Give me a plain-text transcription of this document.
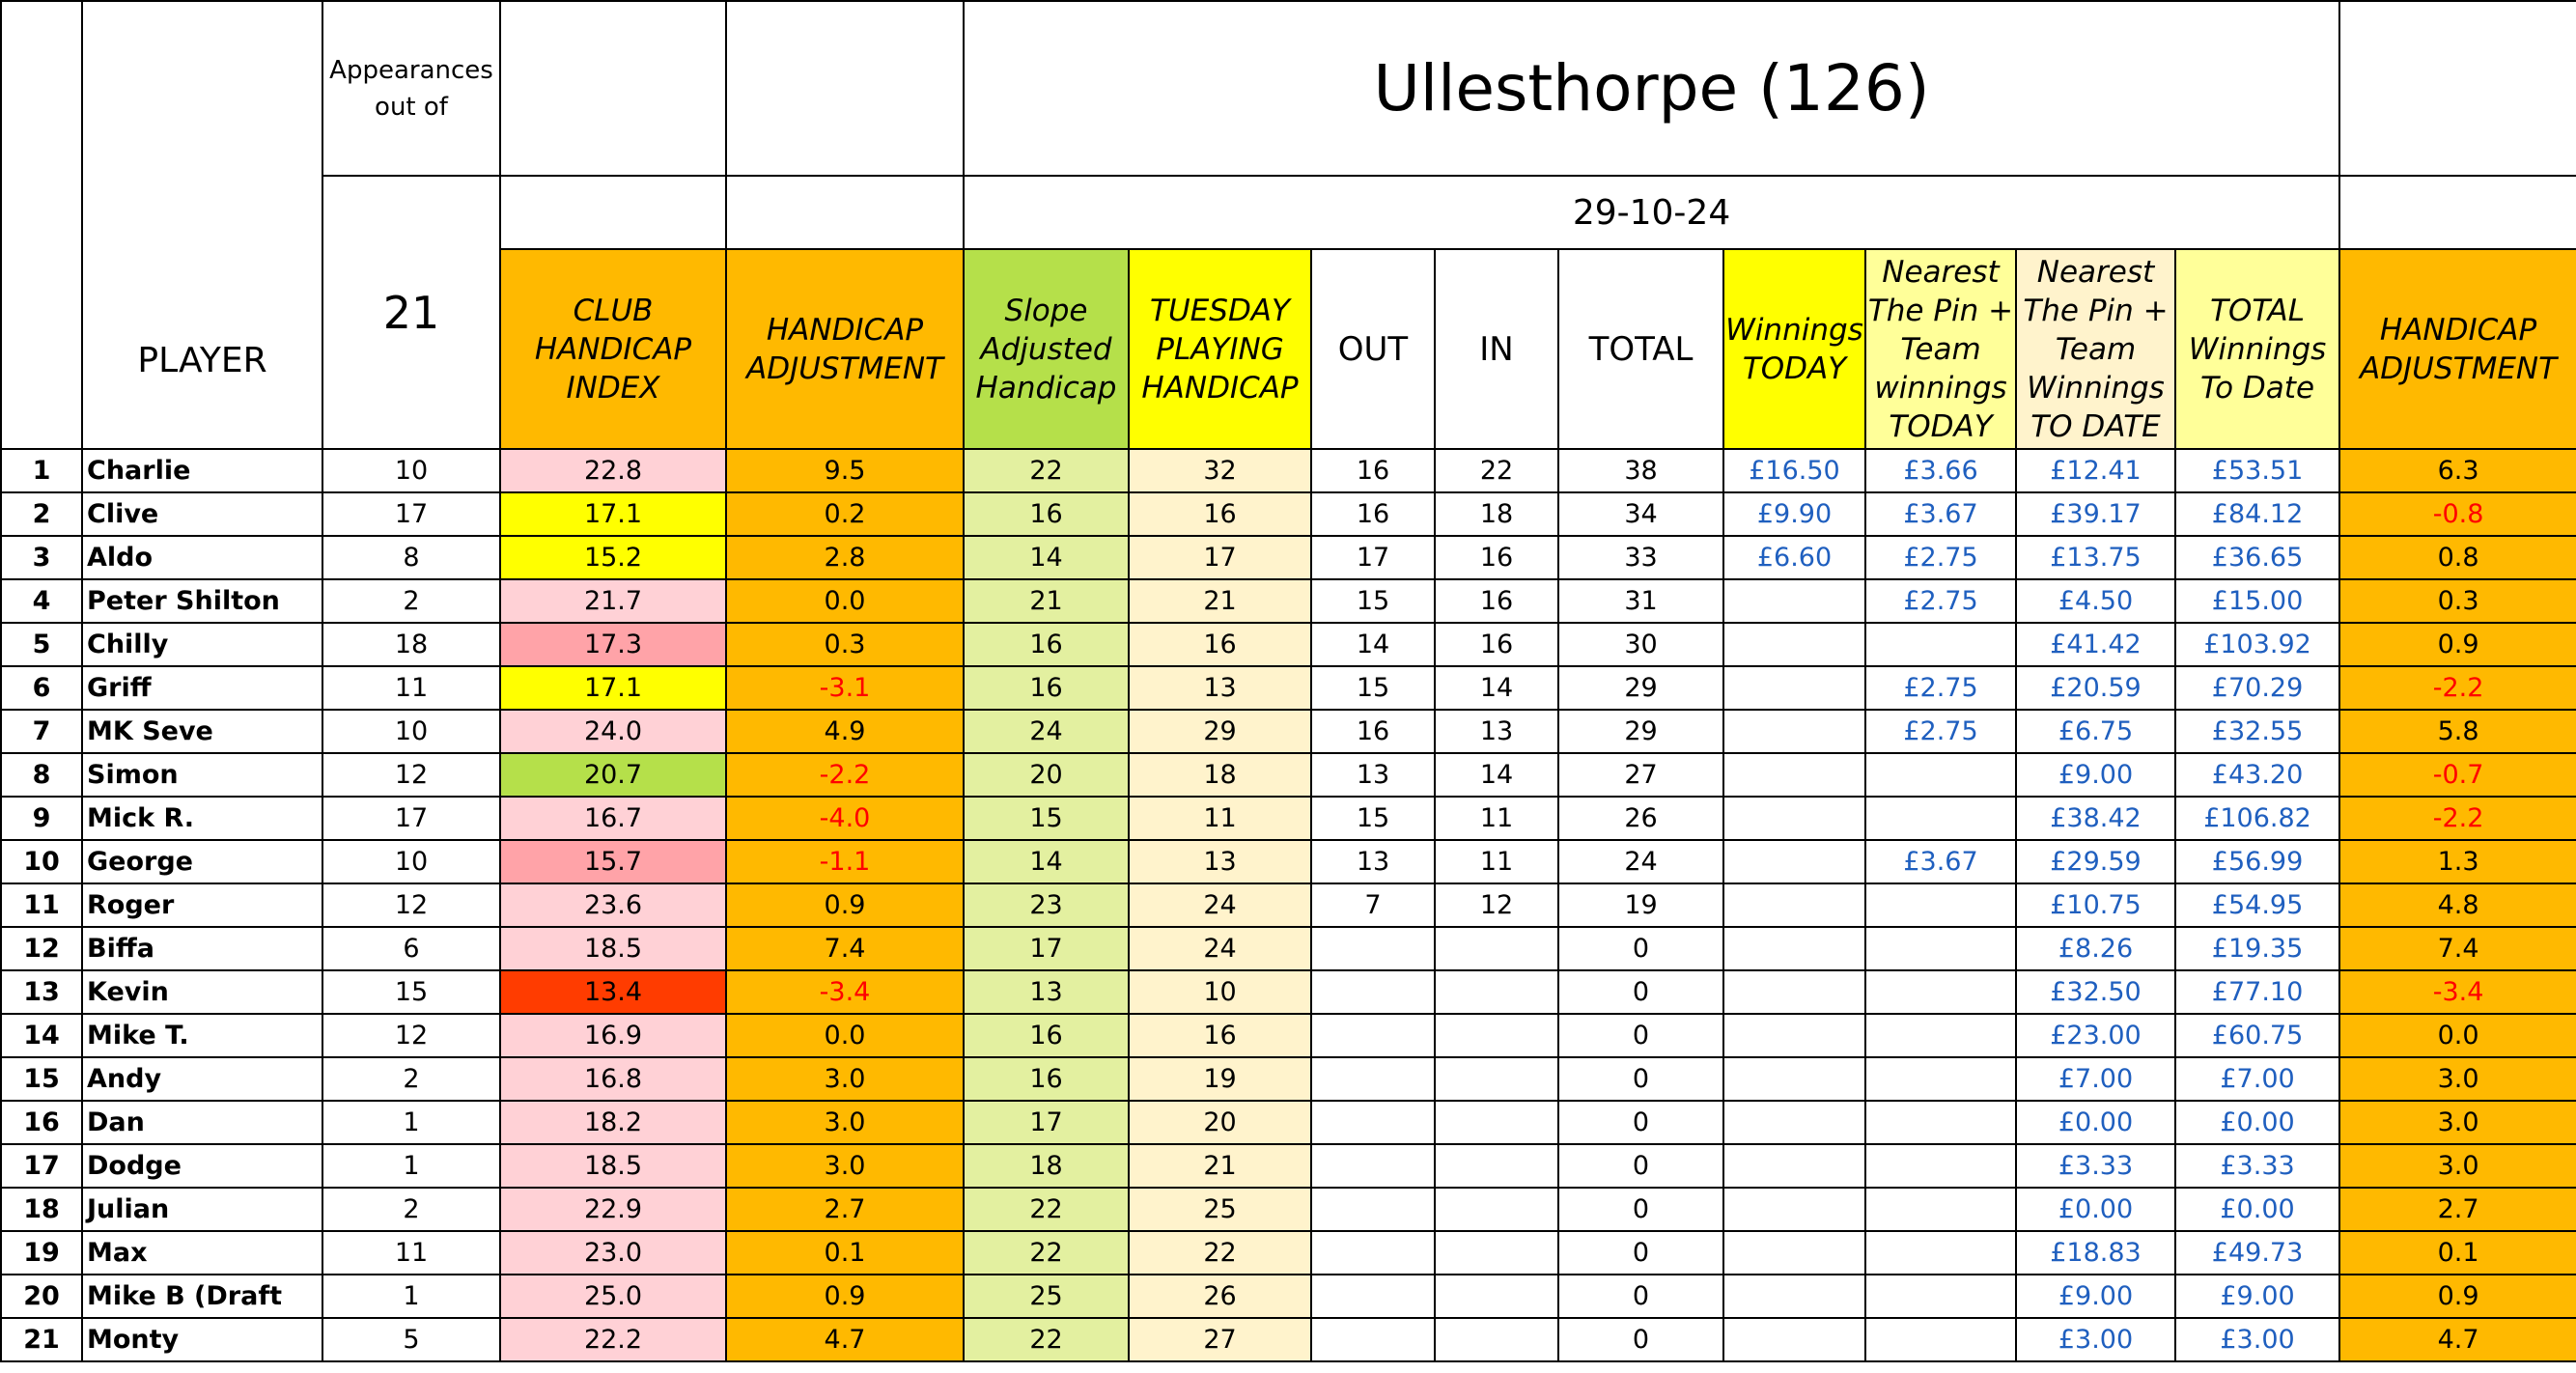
	PLAYER	Appearances out of			Ullesthorpe (126)									
		21			29-10-24									
			CLUB HANDICAP INDEX	HANDICAP ADJUSTMENT	Slope Adjusted Handicap	TUESDAY PLAYING HANDICAP	OUT	IN	TOTAL	Winnings TODAY	Nearest The Pin + Team winnings TODAY	Nearest The Pin + Team Winnings TO DATE	TOTAL Winnings To Date	HANDICAP ADJUSTMENT
1	Charlie	10	22.8	9.5	22	32	16	22	38	£16.50	£3.66	£12.41	£53.51	6.3
2	Clive	17	17.1	0.2	16	16	16	18	34	£9.90	£3.67	£39.17	£84.12	-0.8
3	Aldo	8	15.2	2.8	14	17	17	16	33	£6.60	£2.75	£13.75	£36.65	0.8
4	Peter Shilton	2	21.7	0.0	21	21	15	16	31		£2.75	£4.50	£15.00	0.3
5	Chilly	18	17.3	0.3	16	16	14	16	30			£41.42	£103.92	0.9
6	Griff	11	17.1	-3.1	16	13	15	14	29		£2.75	£20.59	£70.29	-2.2
7	MK Seve	10	24.0	4.9	24	29	16	13	29		£2.75	£6.75	£32.55	5.8
8	Simon	12	20.7	-2.2	20	18	13	14	27			£9.00	£43.20	-0.7
9	Mick R.	17	16.7	-4.0	15	11	15	11	26			£38.42	£106.82	-2.2
10	George	10	15.7	-1.1	14	13	13	11	24		£3.67	£29.59	£56.99	1.3
11	Roger	12	23.6	0.9	23	24	7	12	19			£10.75	£54.95	4.8
12	Biffa	6	18.5	7.4	17	24			0			£8.26	£19.35	7.4
13	Kevin	15	13.4	-3.4	13	10			0			£32.50	£77.10	-3.4
14	Mike T.	12	16.9	0.0	16	16			0			£23.00	£60.75	0.0
15	Andy	2	16.8	3.0	16	19			0			£7.00	£7.00	3.0
16	Dan	1	18.2	3.0	17	20			0			£0.00	£0.00	3.0
17	Dodge	1	18.5	3.0	18	21			0			£3.33	£3.33	3.0
18	Julian	2	22.9	2.7	22	25			0			£0.00	£0.00	2.7
19	Max	11	23.0	0.1	22	22			0			£18.83	£49.73	0.1
20	Mike B (Draft	1	25.0	0.9	25	26			0			£9.00	£9.00	0.9
21	Monty	5	22.2	4.7	22	27			0			£3.00	£3.00	4.7
